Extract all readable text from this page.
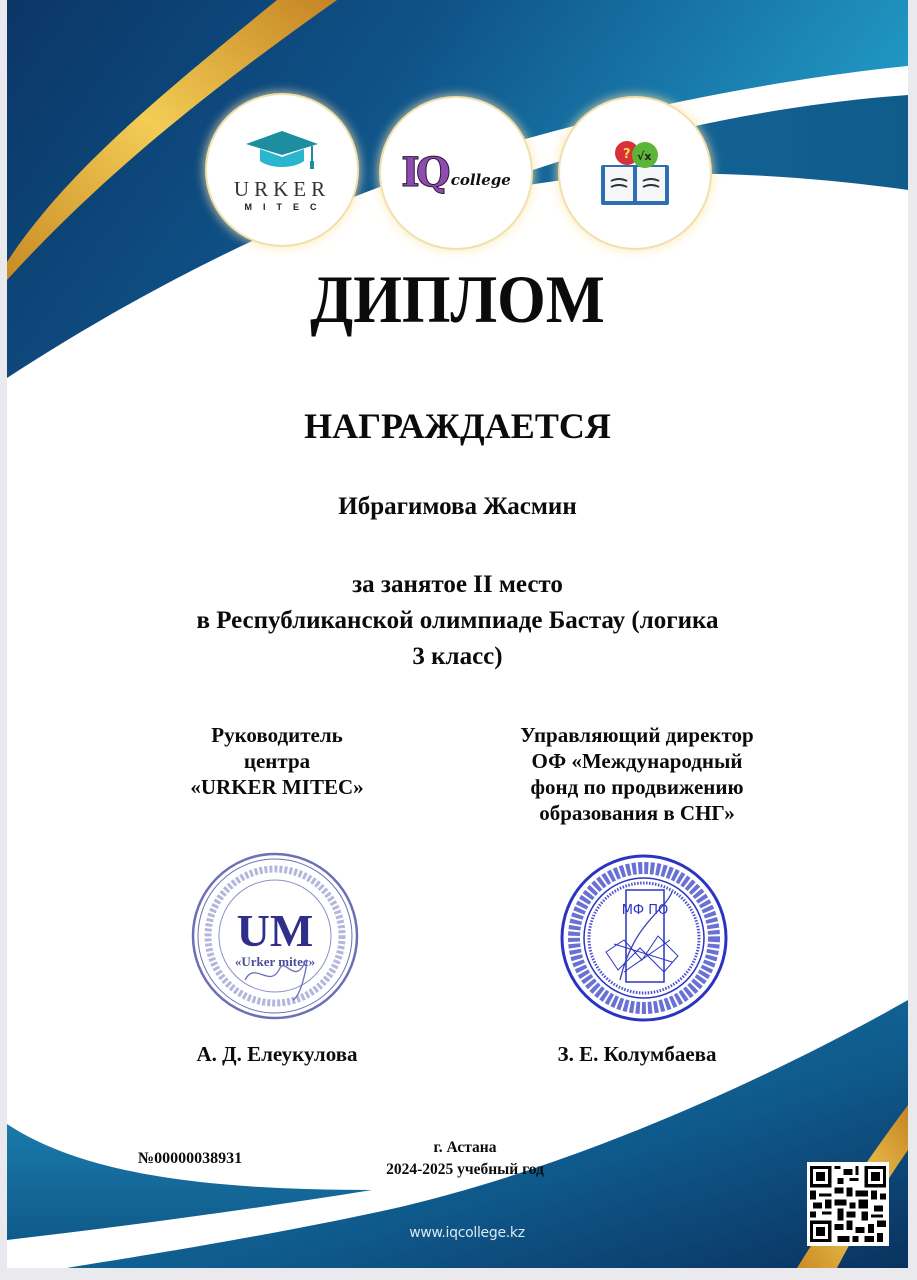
URKER
MITEC
IQ college
? √x
ДИПЛОМ
НАГРАЖДАЕТСЯ
Ибрагимова Жасмин
за занятое II место
в Республиканской олимпиаде Бастау (логика
3 класс)
Руководитель
центра
«URKER MITEC»
Управляющий директор
ОФ «Международный
фонд по продвижению
образования в СНГ»
UM
«Urker mitec»
МФ ПО
А. Д. Елеукулова	З. Е. Колумбаева
№00000038931
г. Астана
2024-2025 учебный год
www.iqcollege.kz
